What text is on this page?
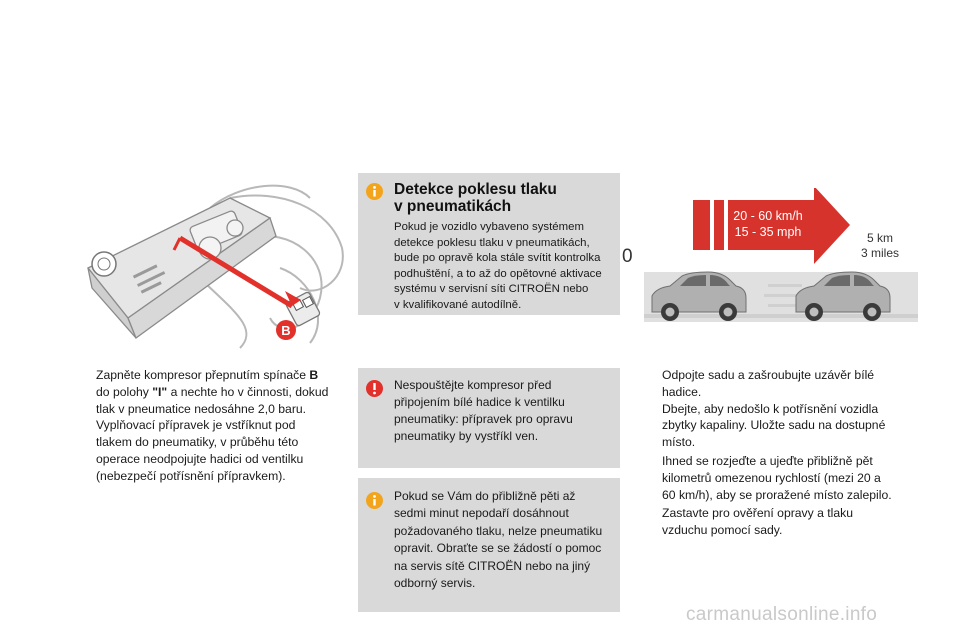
B

Zapněte kompresor přepnutím spínače B
do polohy "I" a nechte ho v činnosti, dokud
tlak v pneumatice nedosáhne 2,0 baru.
Vyplňovací přípravek je vstříknut pod
tlakem do pneumatiky, v průběhu této
operace neodpojujte hadici od ventilku
(nebezpečí potřísnění přípravkem).

Detekce poklesu tlaku
v pneumatikách
Pokud je vozidlo vybaveno systémem
detekce poklesu tlaku v pneumatikách,
bude po opravě kola stále svítit kontrolka
podhuštění, a to až do opětovné aktivace
systému v servisní síti CITROËN nebo
v kvalifikované autodílně.
Nespouštějte kompresor před
připojením bílé hadice k ventilku
pneumatiky: přípravek pro opravu
pneumatiky by vystříkl ven.
Pokud se Vám do přibližně pěti až
sedmi minut nepodaří dosáhnout
požadovaného tlaku, nelze pneumatiku
opravit. Obraťte se se žádostí o pomoc
na servis sítě CITROËN nebo na jiný
odborný servis.
20 - 60 km/h
15 - 35 mph
0
5 km
3 miles

Odpojte sadu a zašroubujte uzávěr bílé
hadice.
Dbejte, aby nedošlo k potřísnění vozidla
zbytky kapaliny. Uložte sadu na dostupné
místo.

Ihned se rozjeďte a ujeďte přibližně pět
kilometrů omezenou rychlostí (mezi 20 a
60 km/h), aby se proražené místo zalepilo.

Zastavte pro ověření opravy a tlaku
vzduchu pomocí sady.

carmanualsonline.info
